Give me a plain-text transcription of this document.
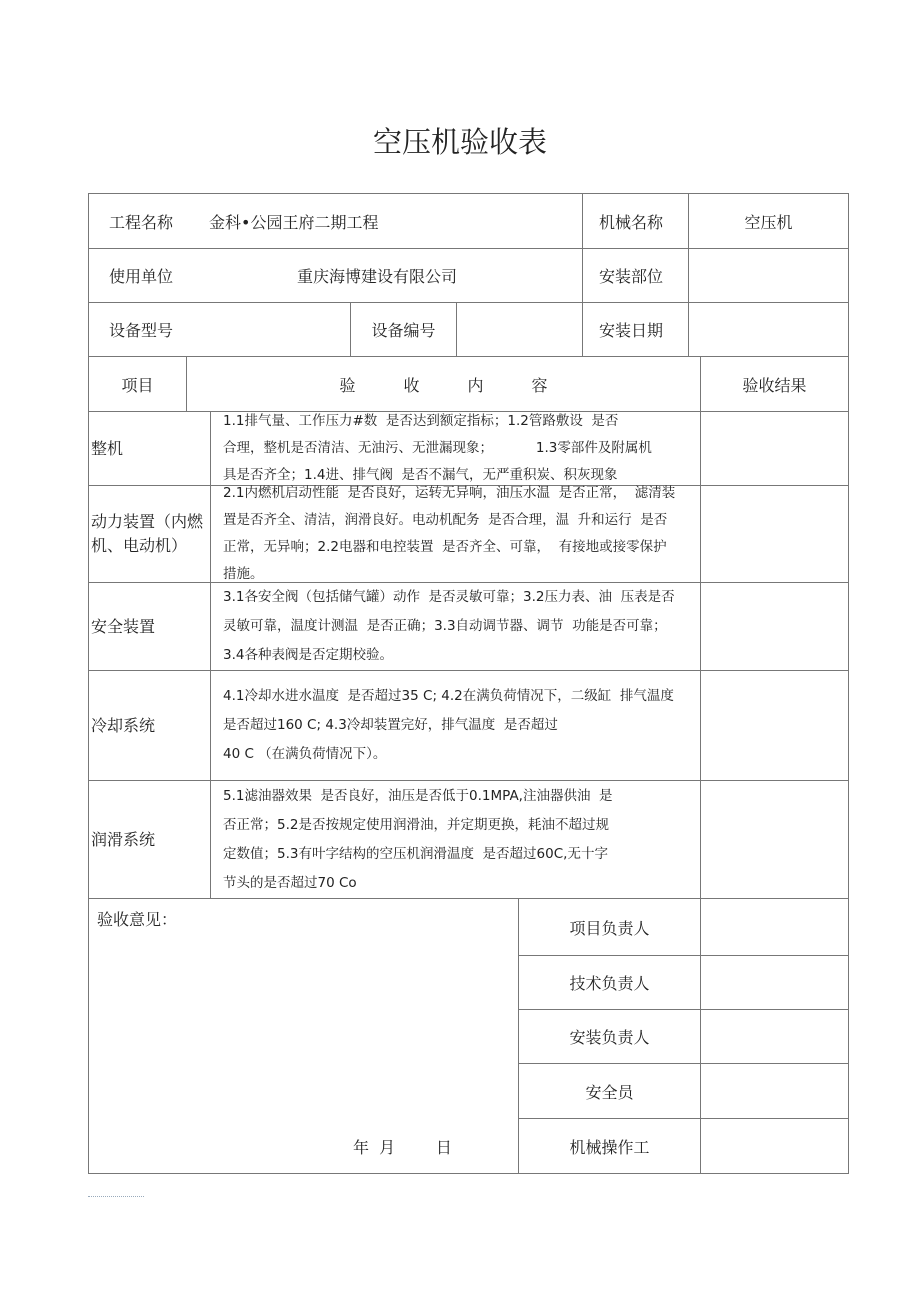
空压机验收表
工程名称 金科•公园王府二期工程	机械名称	空压机
使用单位	重庆海博建设有限公司	安装部位
设备型号	设备编号	安装日期
项目	验　　　收　　　内　　　容	验收结果
整机
1.1排气量、工作压力#数  是否达到额定指标；1.2管路敷设  是否
合理，整机是否清洁、无油污、无泄漏现象；          1.3零部件及附属机
具是否齐全；1.4进、排气阀  是否不漏气，无严重积炭、积灰现象
动力装置（内燃机、电动机）
2.1内燃机启动性能  是否良好，运转无异响，油压水温  是否正常，  滤清装
置是否齐全、清洁，润滑良好。电动机配务  是否合理，温  升和运行  是否
正常，无异响；2.2电器和电控装置  是否齐全、可靠，  有接地或接零保护
措施。
安全装置
3.1各安全阀（包括储气罐）动作  是否灵敏可靠；3.2压力表、油  压表是否
灵敏可靠，温度计测温  是否正确；3.3自动调节器、调节  功能是否可靠；
3.4各种表阀是否定期校验。
冷却系统
4.1冷却水进水温度  是否超过35 C; 4.2在满负荷情况下，二级缸  排气温度
是否超过160 C; 4.3冷却装置完好，排气温度  是否超过
40 C （在满负荷情况下）。
润滑系统
5.1滤油器效果  是否良好，油压是否低于0.1MPA,注油器供油  是
否正常；5.2是否按规定使用润滑油，并定期更换，耗油不超过规
定数值；5.3有叶字结构的空压机润滑温度  是否超过60C,无十字
节头的是否超过70 Co
验收意见：
年  月        日
项目负责人
技术负责人
安装负责人
安全员
机械操作工
